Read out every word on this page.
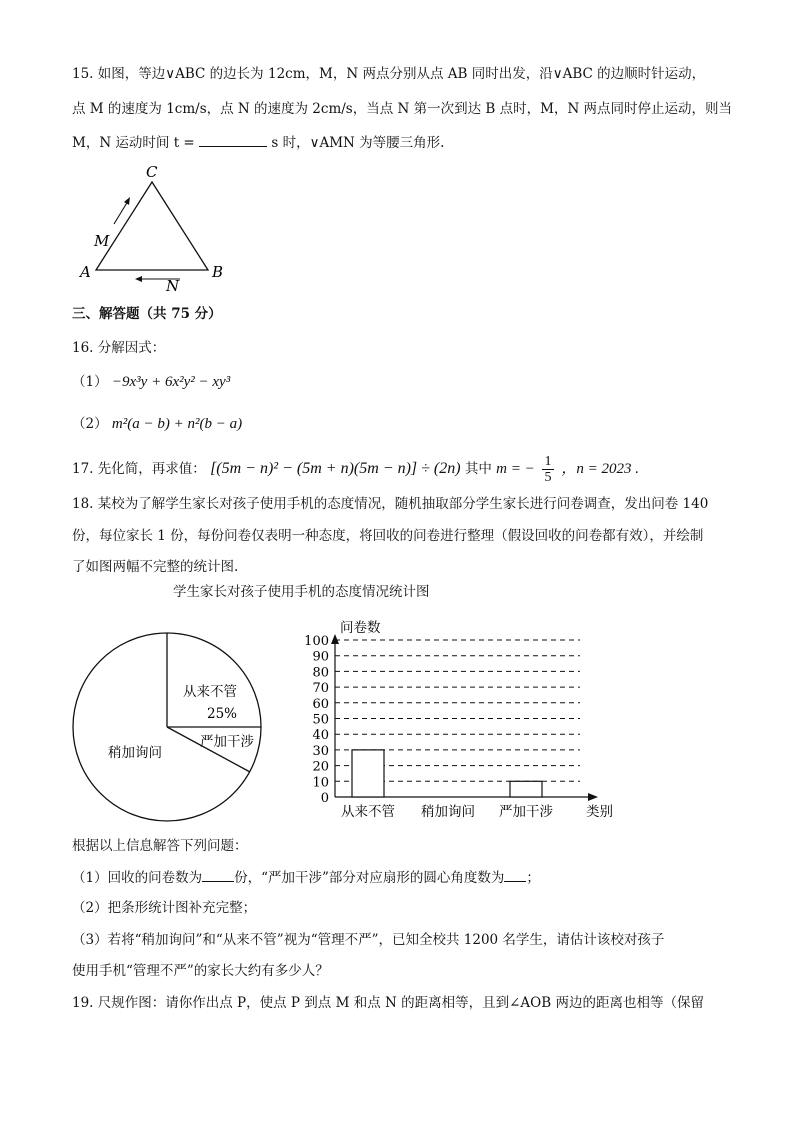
15. 如图，等边∨ABC 的边长为 12cm，M，N 两点分别从点 AB 同时出发，沿∨ABC 的边顺时针运动，
点 M 的速度为 1cm/s，点 N 的速度为 2cm/s，当点 N 第一次到达 B 点时，M，N 两点同时停止运动，则当
M，N 运动时间 t =	s 时，∨AMN 为等腰三角形.
C
A	B
M
N
三、解答题（共 75 分）
16. 分解因式：
（1） −9x³y + 6x²y² − xy³
（2） m²(a − b) + n²(b − a)
17. 先化简，再求值： [(5m − n)² − (5m + n)(5m − n)] ÷ (2n) 其中 m = − $\frac{1}{5}$ ，n = 2023 .
18. 某校为了解学生家长对孩子使用手机的态度情况，随机抽取部分学生家长进行问卷调查，发出问卷 140
份，每位家长 1 份，每份问卷仅表明一种态度，将回收的问卷进行整理（假设回收的问卷都有效），并绘制
了如图两幅不完整的统计图.
学生家长对孩子使用手机的态度情况统计图
从来不管
25%
严加干涉
稍加询问
问卷数
0
10
20
30
40
50
60
70
80
90
100
从来不管 稍加询问 严加干涉 类别
根据以上信息解答下列问题：
（1）回收的问卷数为 份，“严加干涉”部分对应扇形的圆心角度数为 ；
（2）把条形统计图补充完整；
（3）若将“稍加询问”和“从来不管”视为“管理不严”，已知全校共 1200 名学生，请估计该校对孩子
使用手机“管理不严”的家长大约有多少人？
19. 尺规作图：请你作出点 P，使点 P 到点 M 和点 N 的距离相等，且到∠AOB 两边的距离也相等（保留
